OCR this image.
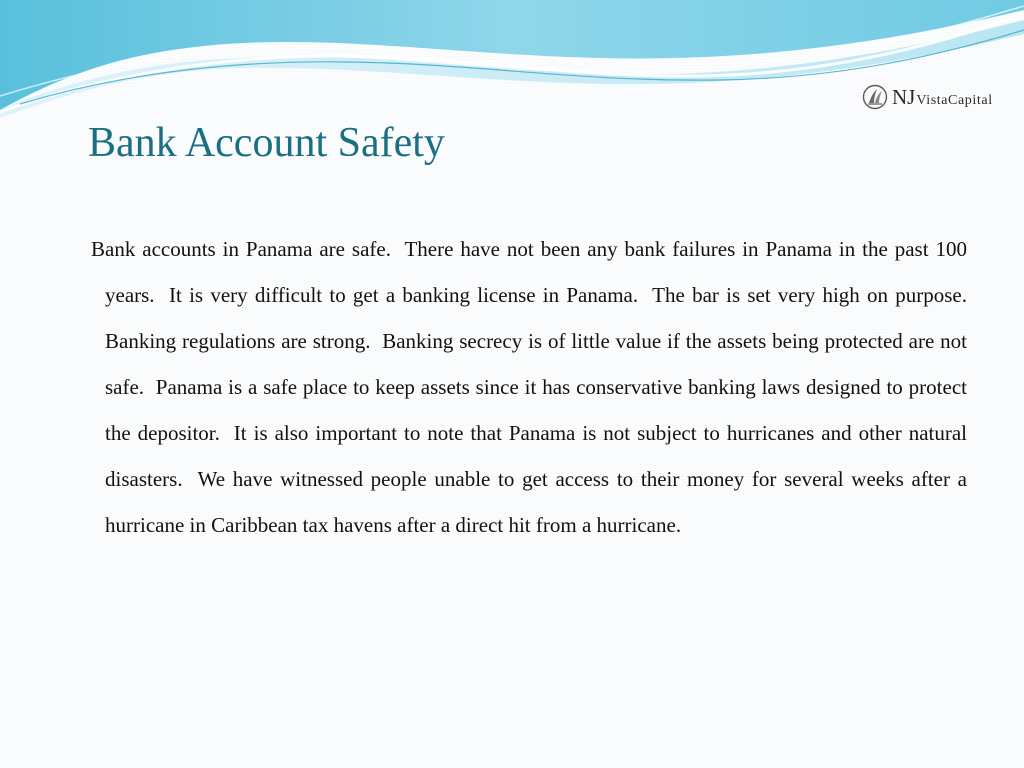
NJ VistaCapital
Bank Account Safety

Bank accounts in Panama are safe.  There have not been any bank failures in Panama in the past 100 years.  It is very difficult to get a banking license in Panama.  The bar is set very high on purpose.  Banking regulations are strong.  Banking secrecy is of little value if the assets being protected are not safe.  Panama is a safe place to keep assets since it has conservative banking laws designed to protect the depositor.  It is also important to note that Panama is not subject to hurricanes and other natural disasters.  We have witnessed people unable to get access to their money for several weeks after a hurricane in Caribbean tax havens after a direct hit from a hurricane.
